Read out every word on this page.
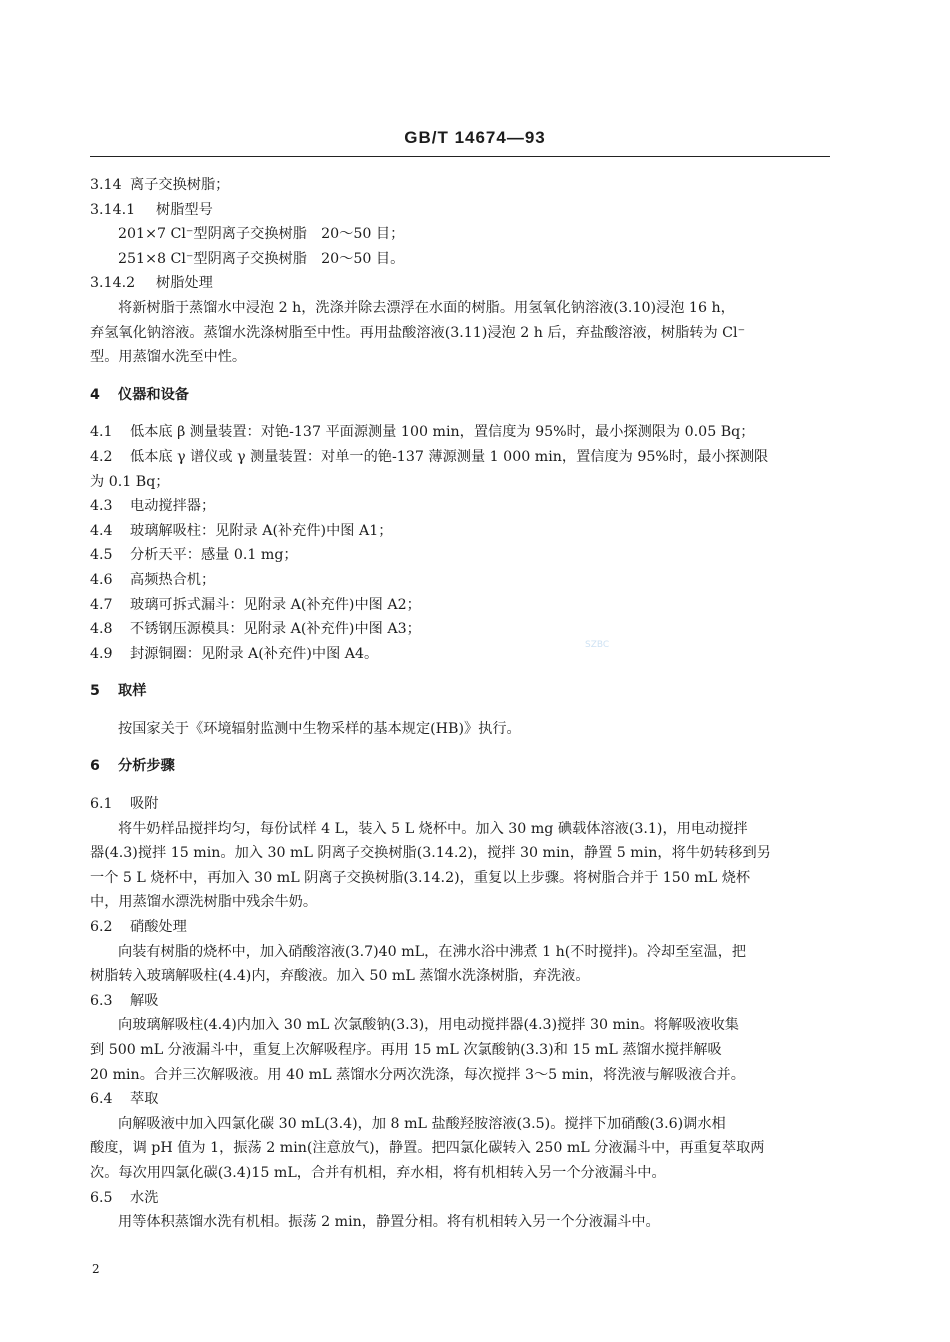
GB/T 14674—93
SZBC
3.14 离子交换树脂；
3.14.1 树脂型号
201×7 Cl⁻型阴离子交换树脂　20～50 目；
251×8 Cl⁻型阴离子交换树脂　20～50 目。
3.14.2 树脂处理
将新树脂于蒸馏水中浸泡 2 h，洗涤并除去漂浮在水面的树脂。用氢氧化钠溶液(3.10)浸泡 16 h，
弃氢氧化钠溶液。蒸馏水洗涤树脂至中性。再用盐酸溶液(3.11)浸泡 2 h 后，弃盐酸溶液，树脂转为 Cl⁻
型。用蒸馏水洗至中性。
4 仪器和设备
4.1 低本底 β 测量装置：对铯-137 平面源测量 100 min，置信度为 95%时，最小探测限为 0.05 Bq；
4.2 低本底 γ 谱仪或 γ 测量装置：对单一的铯-137 薄源测量 1 000 min，置信度为 95%时，最小探测限
为 0.1 Bq；
4.3 电动搅拌器；
4.4 玻璃解吸柱：见附录 A(补充件)中图 A1；
4.5 分析天平：感量 0.1 mg；
4.6 高频热合机；
4.7 玻璃可拆式漏斗：见附录 A(补充件)中图 A2；
4.8 不锈钢压源模具：见附录 A(补充件)中图 A3；
4.9 封源铜圈：见附录 A(补充件)中图 A4。
5 取样
按国家关于《环境辐射监测中生物采样的基本规定(HB)》执行。
6 分析步骤
6.1 吸附
将牛奶样品搅拌均匀，每份试样 4 L，装入 5 L 烧杯中。加入 30 mg 碘载体溶液(3.1)，用电动搅拌
器(4.3)搅拌 15 min。加入 30 mL 阴离子交换树脂(3.14.2)，搅拌 30 min，静置 5 min，将牛奶转移到另
一个 5 L 烧杯中，再加入 30 mL 阴离子交换树脂(3.14.2)，重复以上步骤。将树脂合并于 150 mL 烧杯
中，用蒸馏水漂洗树脂中残余牛奶。
6.2 硝酸处理
向装有树脂的烧杯中，加入硝酸溶液(3.7)40 mL，在沸水浴中沸煮 1 h(不时搅拌)。冷却至室温，把
树脂转入玻璃解吸柱(4.4)内，弃酸液。加入 50 mL 蒸馏水洗涤树脂，弃洗液。
6.3 解吸
向玻璃解吸柱(4.4)内加入 30 mL 次氯酸钠(3.3)，用电动搅拌器(4.3)搅拌 30 min。将解吸液收集
到 500 mL 分液漏斗中，重复上次解吸程序。再用 15 mL 次氯酸钠(3.3)和 15 mL 蒸馏水搅拌解吸
20 min。合并三次解吸液。用 40 mL 蒸馏水分两次洗涤，每次搅拌 3～5 min，将洗液与解吸液合并。
6.4 萃取
向解吸液中加入四氯化碳 30 mL(3.4)，加 8 mL 盐酸羟胺溶液(3.5)。搅拌下加硝酸(3.6)调水相
酸度，调 pH 值为 1，振荡 2 min(注意放气)，静置。把四氯化碳转入 250 mL 分液漏斗中，再重复萃取两
次。每次用四氯化碳(3.4)15 mL，合并有机相，弃水相，将有机相转入另一个分液漏斗中。
6.5 水洗
用等体积蒸馏水洗有机相。振荡 2 min，静置分相。将有机相转入另一个分液漏斗中。
2
